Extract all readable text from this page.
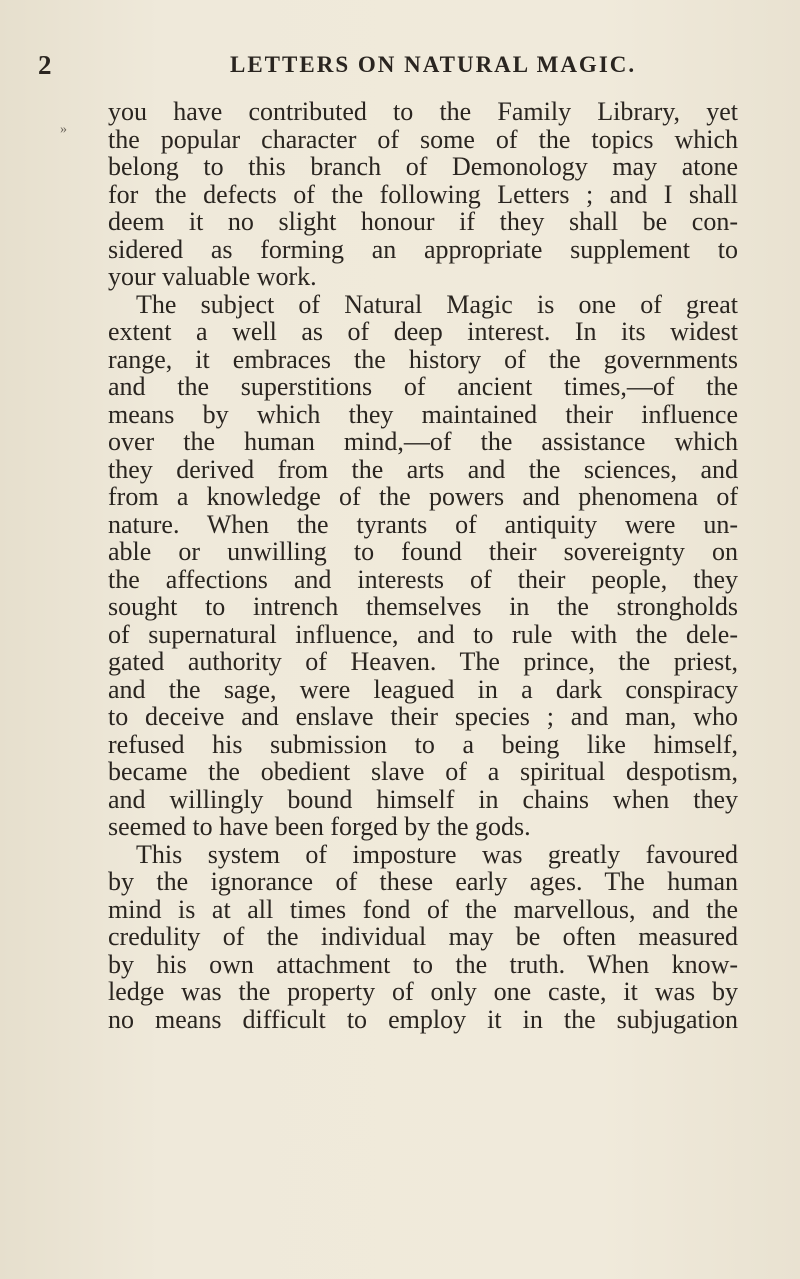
2	LETTERS ON NATURAL MAGIC.
»
you have contributed to the Family Library, yet
the popular character of some of the topics which
belong to this branch of Demonology may atone
for the defects of the following Letters ; and I shall
deem it no slight honour if they shall be con-
sidered as forming an appropriate supplement to
your valuable work.
The subject of Natural Magic is one of great
extent a well as of deep interest. In its widest
range, it embraces the history of the governments
and the superstitions of ancient times,—of the
means by which they maintained their influence
over the human mind,—of the assistance which
they derived from the arts and the sciences, and
from a knowledge of the powers and phenomena of
nature. When the tyrants of antiquity were un-
able or unwilling to found their sovereignty on
the affections and interests of their people, they
sought to intrench themselves in the strongholds
of supernatural influence, and to rule with the dele-
gated authority of Heaven. The prince, the priest,
and the sage, were leagued in a dark conspiracy
to deceive and enslave their species ; and man, who
refused his submission to a being like himself,
became the obedient slave of a spiritual despotism,
and willingly bound himself in chains when they
seemed to have been forged by the gods.
This system of imposture was greatly favoured
by the ignorance of these early ages. The human
mind is at all times fond of the marvellous, and the
credulity of the individual may be often measured
by his own attachment to the truth. When know-
ledge was the property of only one caste, it was by
no means difficult to employ it in the subjugation
